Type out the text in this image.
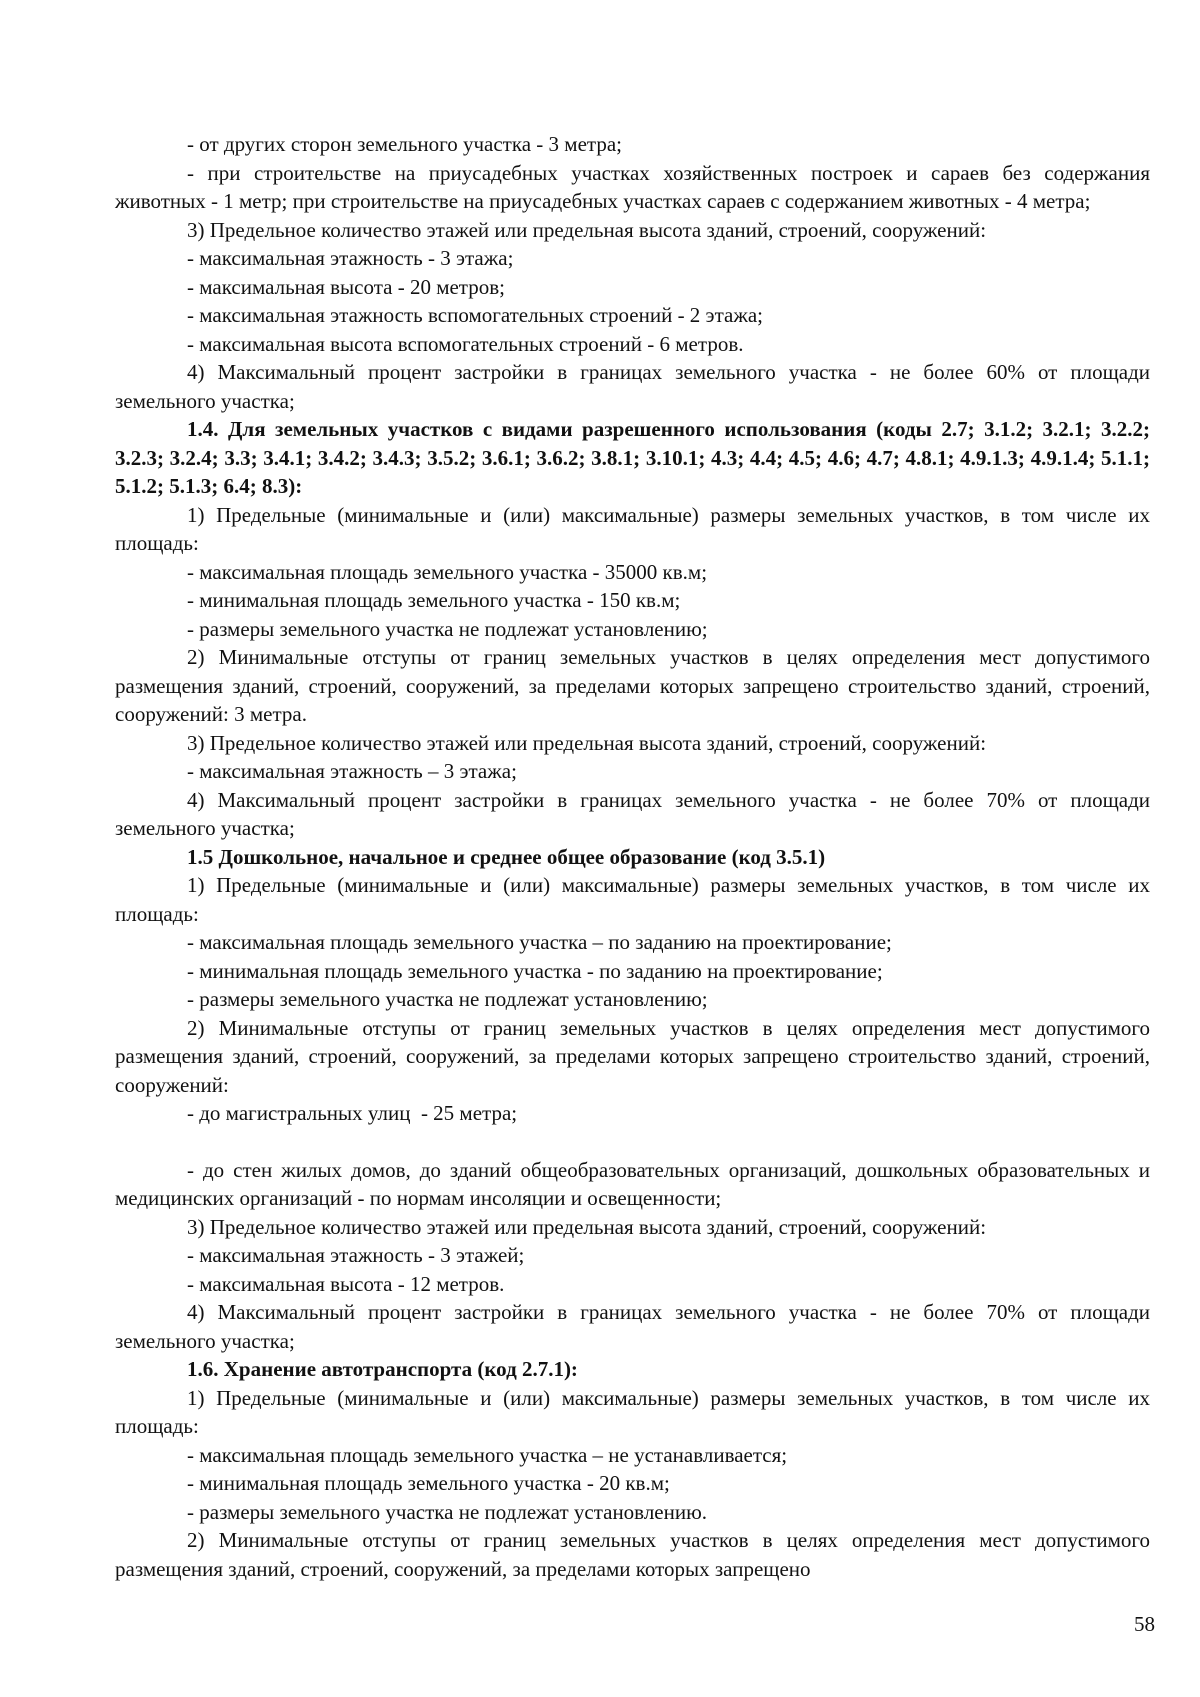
- от других сторон земельного участка - 3 метра;

- при строительстве на приусадебных участках хозяйственных построек и сараев без содержания животных - 1 метр; при строительстве на приусадебных участках сараев с содержанием животных - 4 метра;

3) Предельное количество этажей или предельная высота зданий, строений, сооружений:

- максимальная этажность - 3 этажа;

- максимальная высота - 20 метров;

- максимальная этажность вспомогательных строений - 2 этажа;

- максимальная высота вспомогательных строений - 6 метров.

4) Максимальный процент застройки в границах земельного участка - не более 60% от площади земельного участка;

1.4. Для земельных участков с видами разрешенного использования (коды 2.7; 3.1.2; 3.2.1; 3.2.2; 3.2.3; 3.2.4; 3.3; 3.4.1; 3.4.2; 3.4.3; 3.5.2; 3.6.1; 3.6.2; 3.8.1; 3.10.1; 4.3; 4.4; 4.5; 4.6; 4.7; 4.8.1; 4.9.1.3; 4.9.1.4; 5.1.1; 5.1.2; 5.1.3; 6.4; 8.3):

1) Предельные (минимальные и (или) максимальные) размеры земельных участков, в том числе их площадь:

- максимальная площадь земельного участка - 35000 кв.м;

- минимальная площадь земельного участка - 150 кв.м;

- размеры земельного участка не подлежат установлению;

2) Минимальные отступы от границ земельных участков в целях определения мест допустимого размещения зданий, строений, сооружений, за пределами которых запрещено строительство зданий, строений, сооружений: 3 метра.

3) Предельное количество этажей или предельная высота зданий, строений, сооружений:

- максимальная этажность – 3 этажа;

4) Максимальный процент застройки в границах земельного участка - не более 70% от площади земельного участка;

1.5 Дошкольное, начальное и среднее общее образование (код 3.5.1)

1) Предельные (минимальные и (или) максимальные) размеры земельных участков, в том числе их площадь:

- максимальная площадь земельного участка – по заданию на проектирование;

- минимальная площадь земельного участка - по заданию на проектирование;

- размеры земельного участка не подлежат установлению;

2) Минимальные отступы от границ земельных участков в целях определения мест допустимого размещения зданий, строений, сооружений, за пределами которых запрещено строительство зданий, строений, сооружений:

- до магистральных улиц  - 25 метра;

- до стен жилых домов, до зданий общеобразовательных организаций, дошкольных образовательных и медицинских организаций - по нормам инсоляции и освещенности;

3) Предельное количество этажей или предельная высота зданий, строений, сооружений:

- максимальная этажность - 3 этажей;

- максимальная высота - 12 метров.

4) Максимальный процент застройки в границах земельного участка - не более 70% от площади земельного участка;

1.6. Хранение автотранспорта (код 2.7.1):

1) Предельные (минимальные и (или) максимальные) размеры земельных участков, в том числе их площадь:

- максимальная площадь земельного участка – не устанавливается;

- минимальная площадь земельного участка - 20 кв.м;

- размеры земельного участка не подлежат установлению.

2) Минимальные отступы от границ земельных участков в целях определения мест допустимого размещения зданий, строений, сооружений, за пределами которых запрещено

58
